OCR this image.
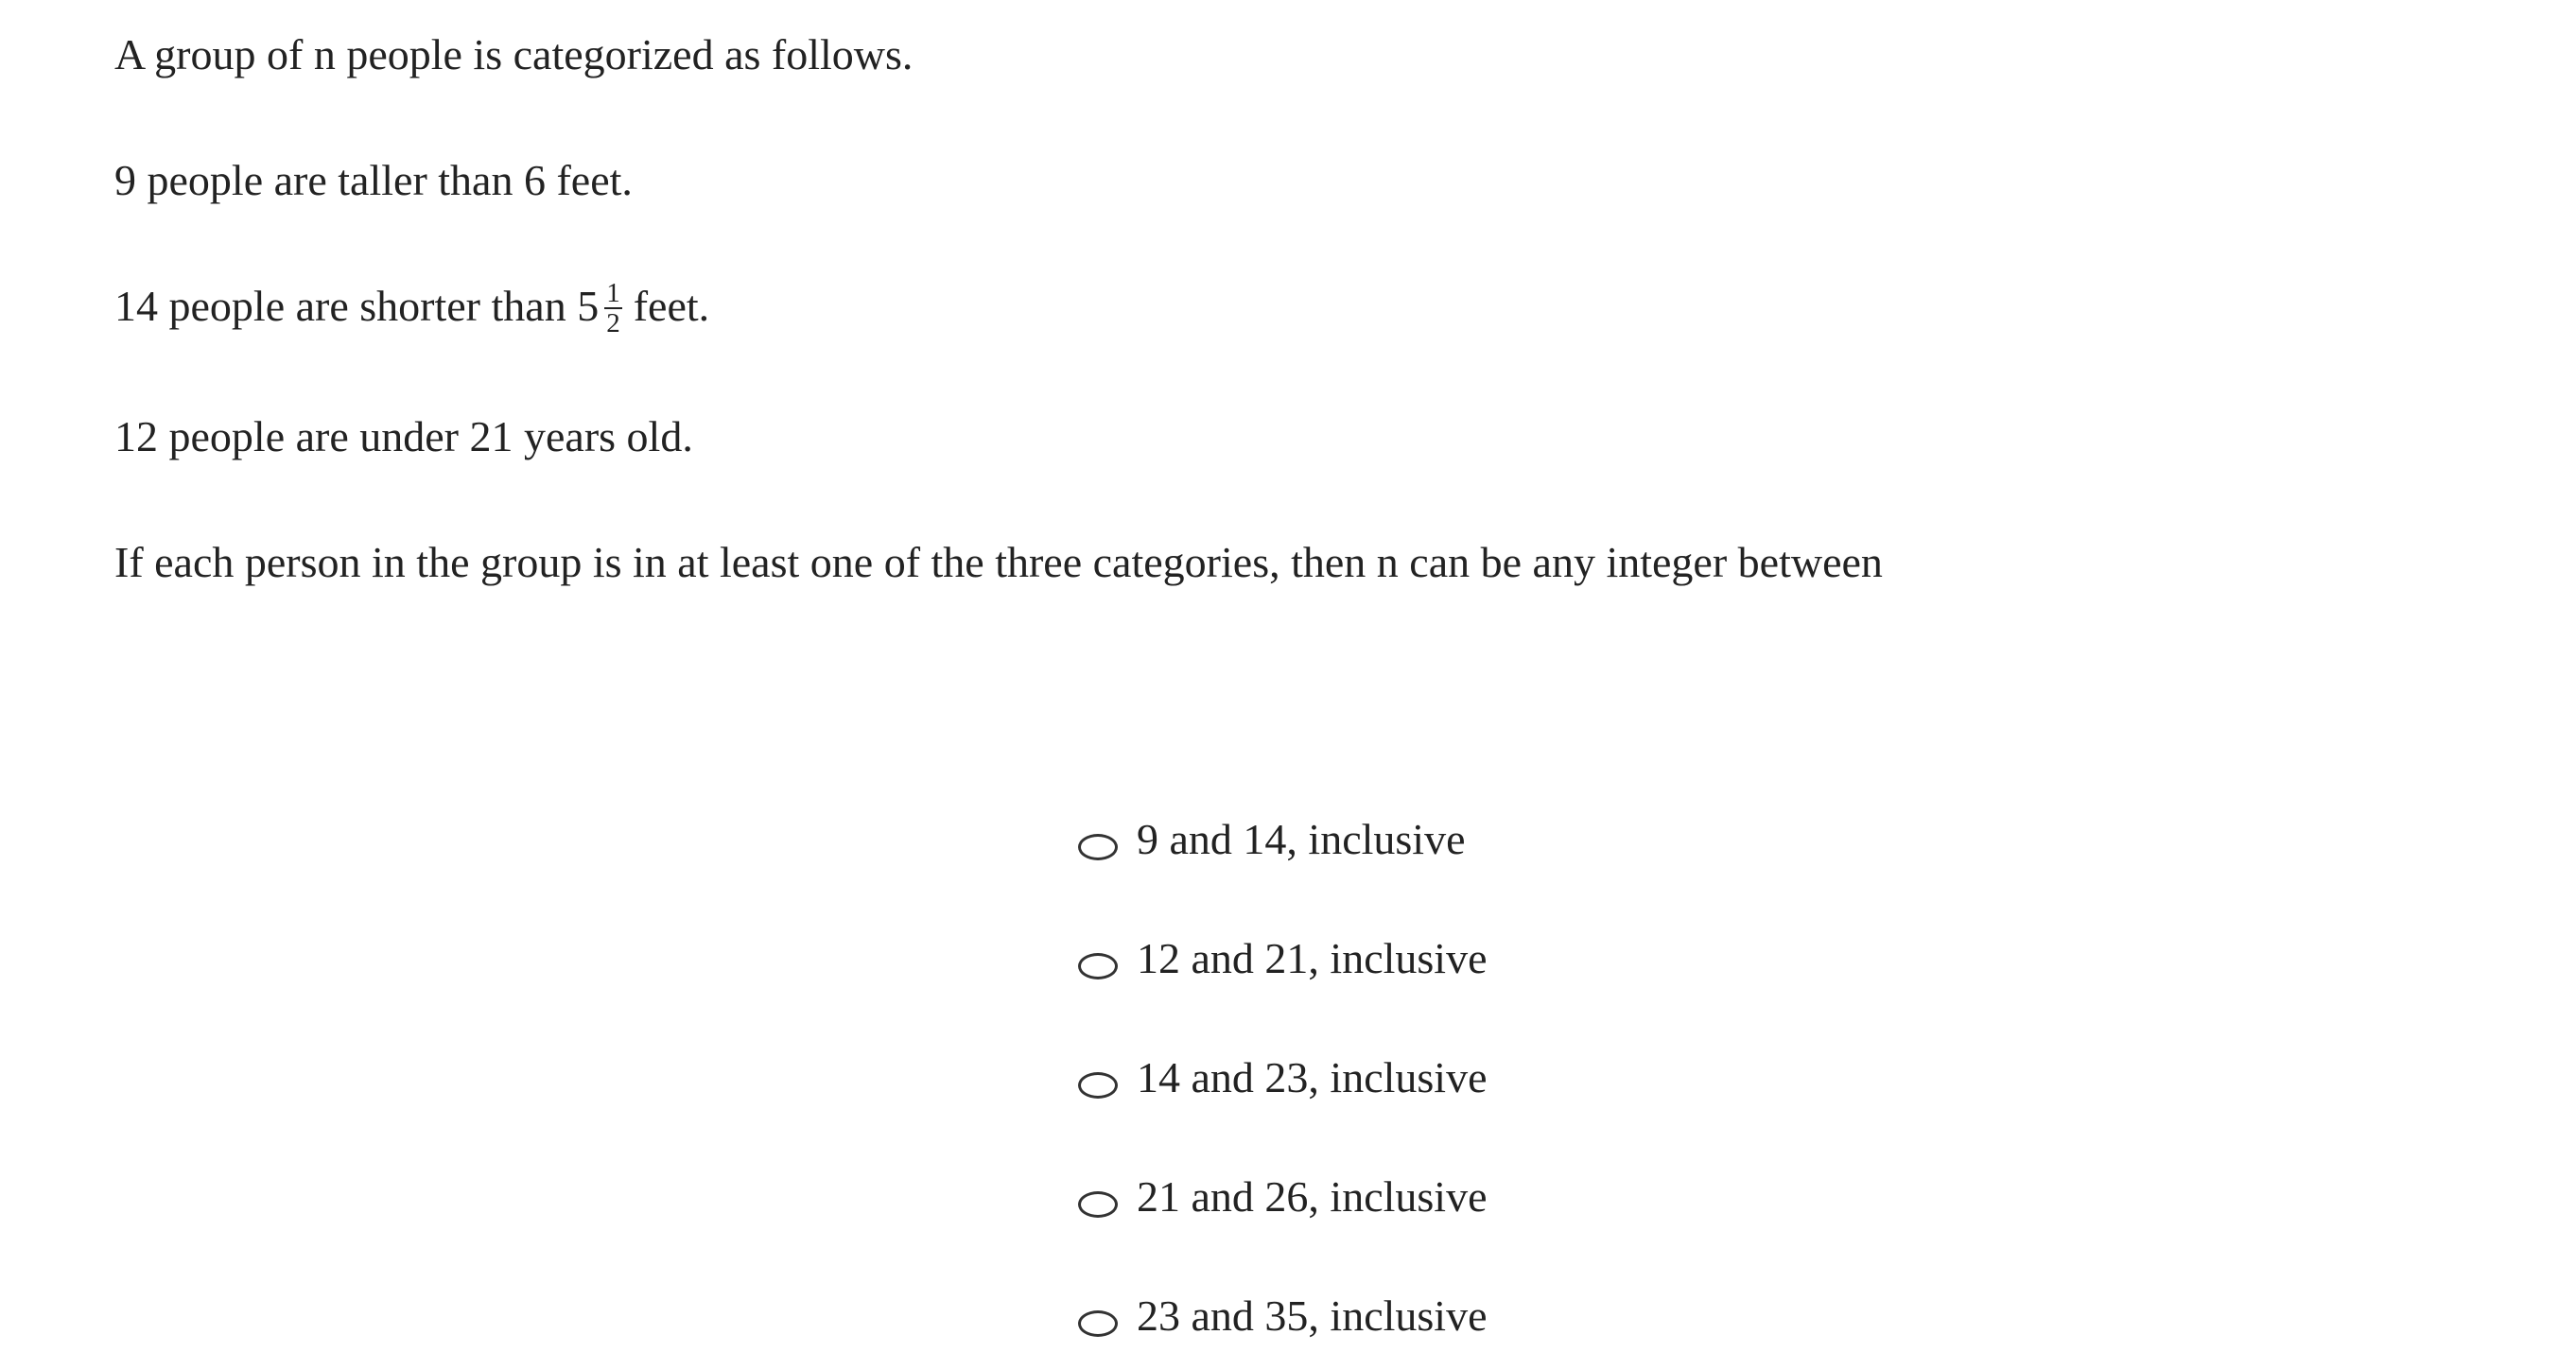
A group of n people is categorized as follows.
9 people are taller than 6 feet.
14 people are shorter than $5 \frac{1}{2}$ feet.
12 people are under 21 years old.
If each person in the group is in at least one of the three categories, then n can be any integer between
9 and 14, inclusive
12 and 21, inclusive
14 and 23, inclusive
21 and 26, inclusive
23 and 35, inclusive
